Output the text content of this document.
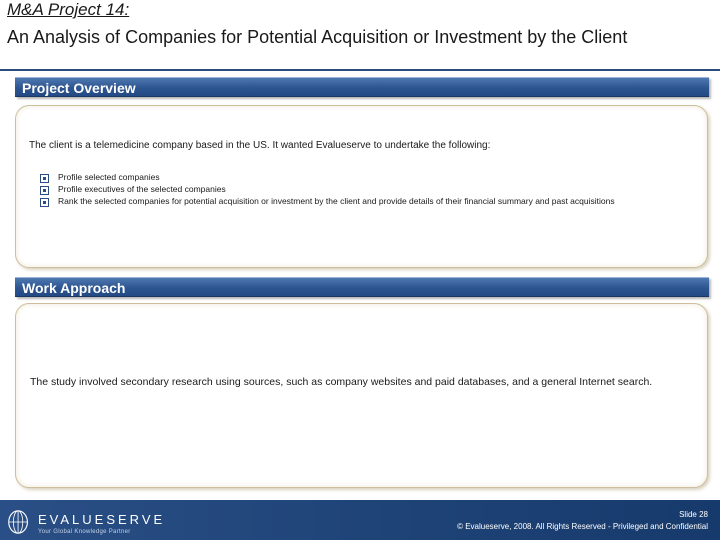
M&A Project 14:
An Analysis of Companies for Potential Acquisition or Investment by the Client
Project Overview
The client is a telemedicine company based in the US. It wanted Evalueserve to undertake the following:
Profile selected companies
Profile executives of the selected companies
Rank the selected companies for potential acquisition or investment by the client and provide details of their financial summary and past acquisitions
Work Approach
The study involved secondary research using sources, such as company websites and paid databases, and a general Internet search.
EVALUESERVE
Your Global Knowledge Partner
Slide 28
© Evalueserve, 2008. All Rights Reserved - Privileged and Confidential
